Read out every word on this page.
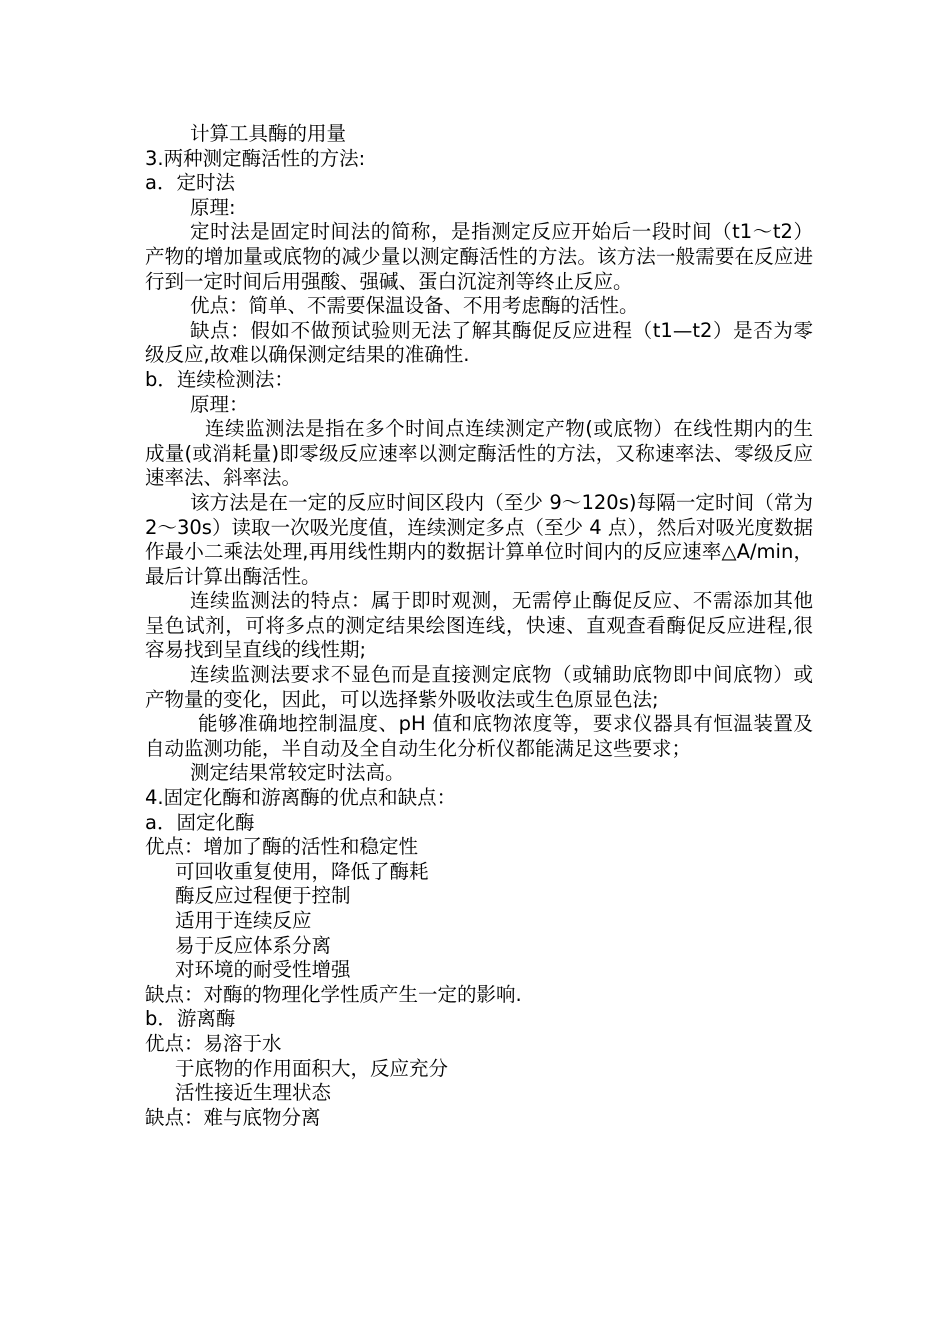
计算工具酶的用量

3.两种测定酶活性的方法:

a．定时法

原理:

定时法是固定时间法的简称，是指测定反应开始后一段时间（t1～t2）产物的增加量或底物的减少量以测定酶活性的方法。该方法一般需要在反应进行到一定时间后用强酸、强碱、蛋白沉淀剂等终止反应。

优点：简单、不需要保温设备、不用考虑酶的活性。

缺点：假如不做预试验则无法了解其酶促反应进程（t1—t2）是否为零级反应,故难以确保测定结果的准确性.

b．连续检测法：

原理：

连续监测法是指在多个时间点连续测定产物(或底物）在线性期内的生成量(或消耗量)即零级反应速率以测定酶活性的方法，又称速率法、零级反应速率法、斜率法。

该方法是在一定的反应时间区段内（至少 9～120s)每隔一定时间（常为 2～30s）读取一次吸光度值，连续测定多点（至少 4 点），然后对吸光度数据作最小二乘法处理,再用线性期内的数据计算单位时间内的反应速率△A/min，最后计算出酶活性。

连续监测法的特点：属于即时观测，无需停止酶促反应、不需添加其他呈色试剂，可将多点的测定结果绘图连线，快速、直观查看酶促反应进程,很容易找到呈直线的线性期;

连续监测法要求不显色而是直接测定底物（或辅助底物即中间底物）或产物量的变化，因此，可以选择紫外吸收法或生色原显色法;

能够准确地控制温度、pH 值和底物浓度等，要求仪器具有恒温装置及自动监测功能，半自动及全自动生化分析仪都能满足这些要求；

测定结果常较定时法高。

4.固定化酶和游离酶的优点和缺点：

a．固定化酶

优点：增加了酶的活性和稳定性

可回收重复使用，降低了酶耗

酶反应过程便于控制

适用于连续反应

易于反应体系分离

对环境的耐受性增强

缺点：对酶的物理化学性质产生一定的影响.

b．游离酶

优点：易溶于水

于底物的作用面积大，反应充分

活性接近生理状态

缺点：难与底物分离
